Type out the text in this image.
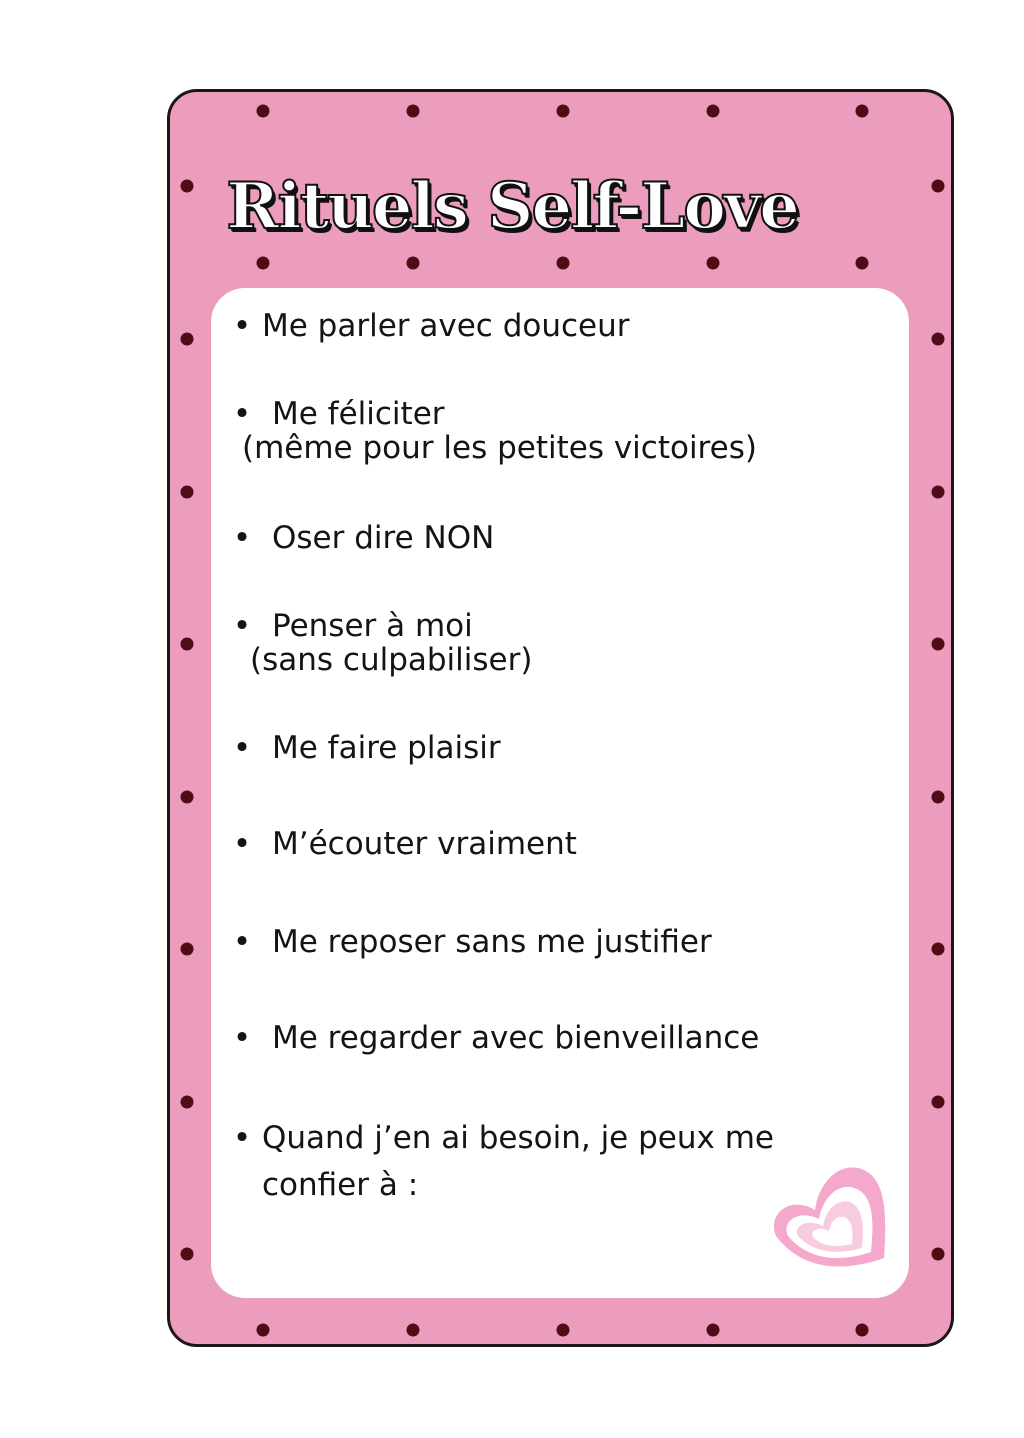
Rituels Self-Love
• Me parler avec douceur
• Me féliciter
(même pour les petites victoires)
• Oser dire NON
• Penser à moi
(sans culpabiliser)
• Me faire plaisir
• M’écouter vraiment
• Me reposer sans me justifier
• Me regarder avec bienveillance
• Quand j’en ai besoin, je peux me
confier à :
